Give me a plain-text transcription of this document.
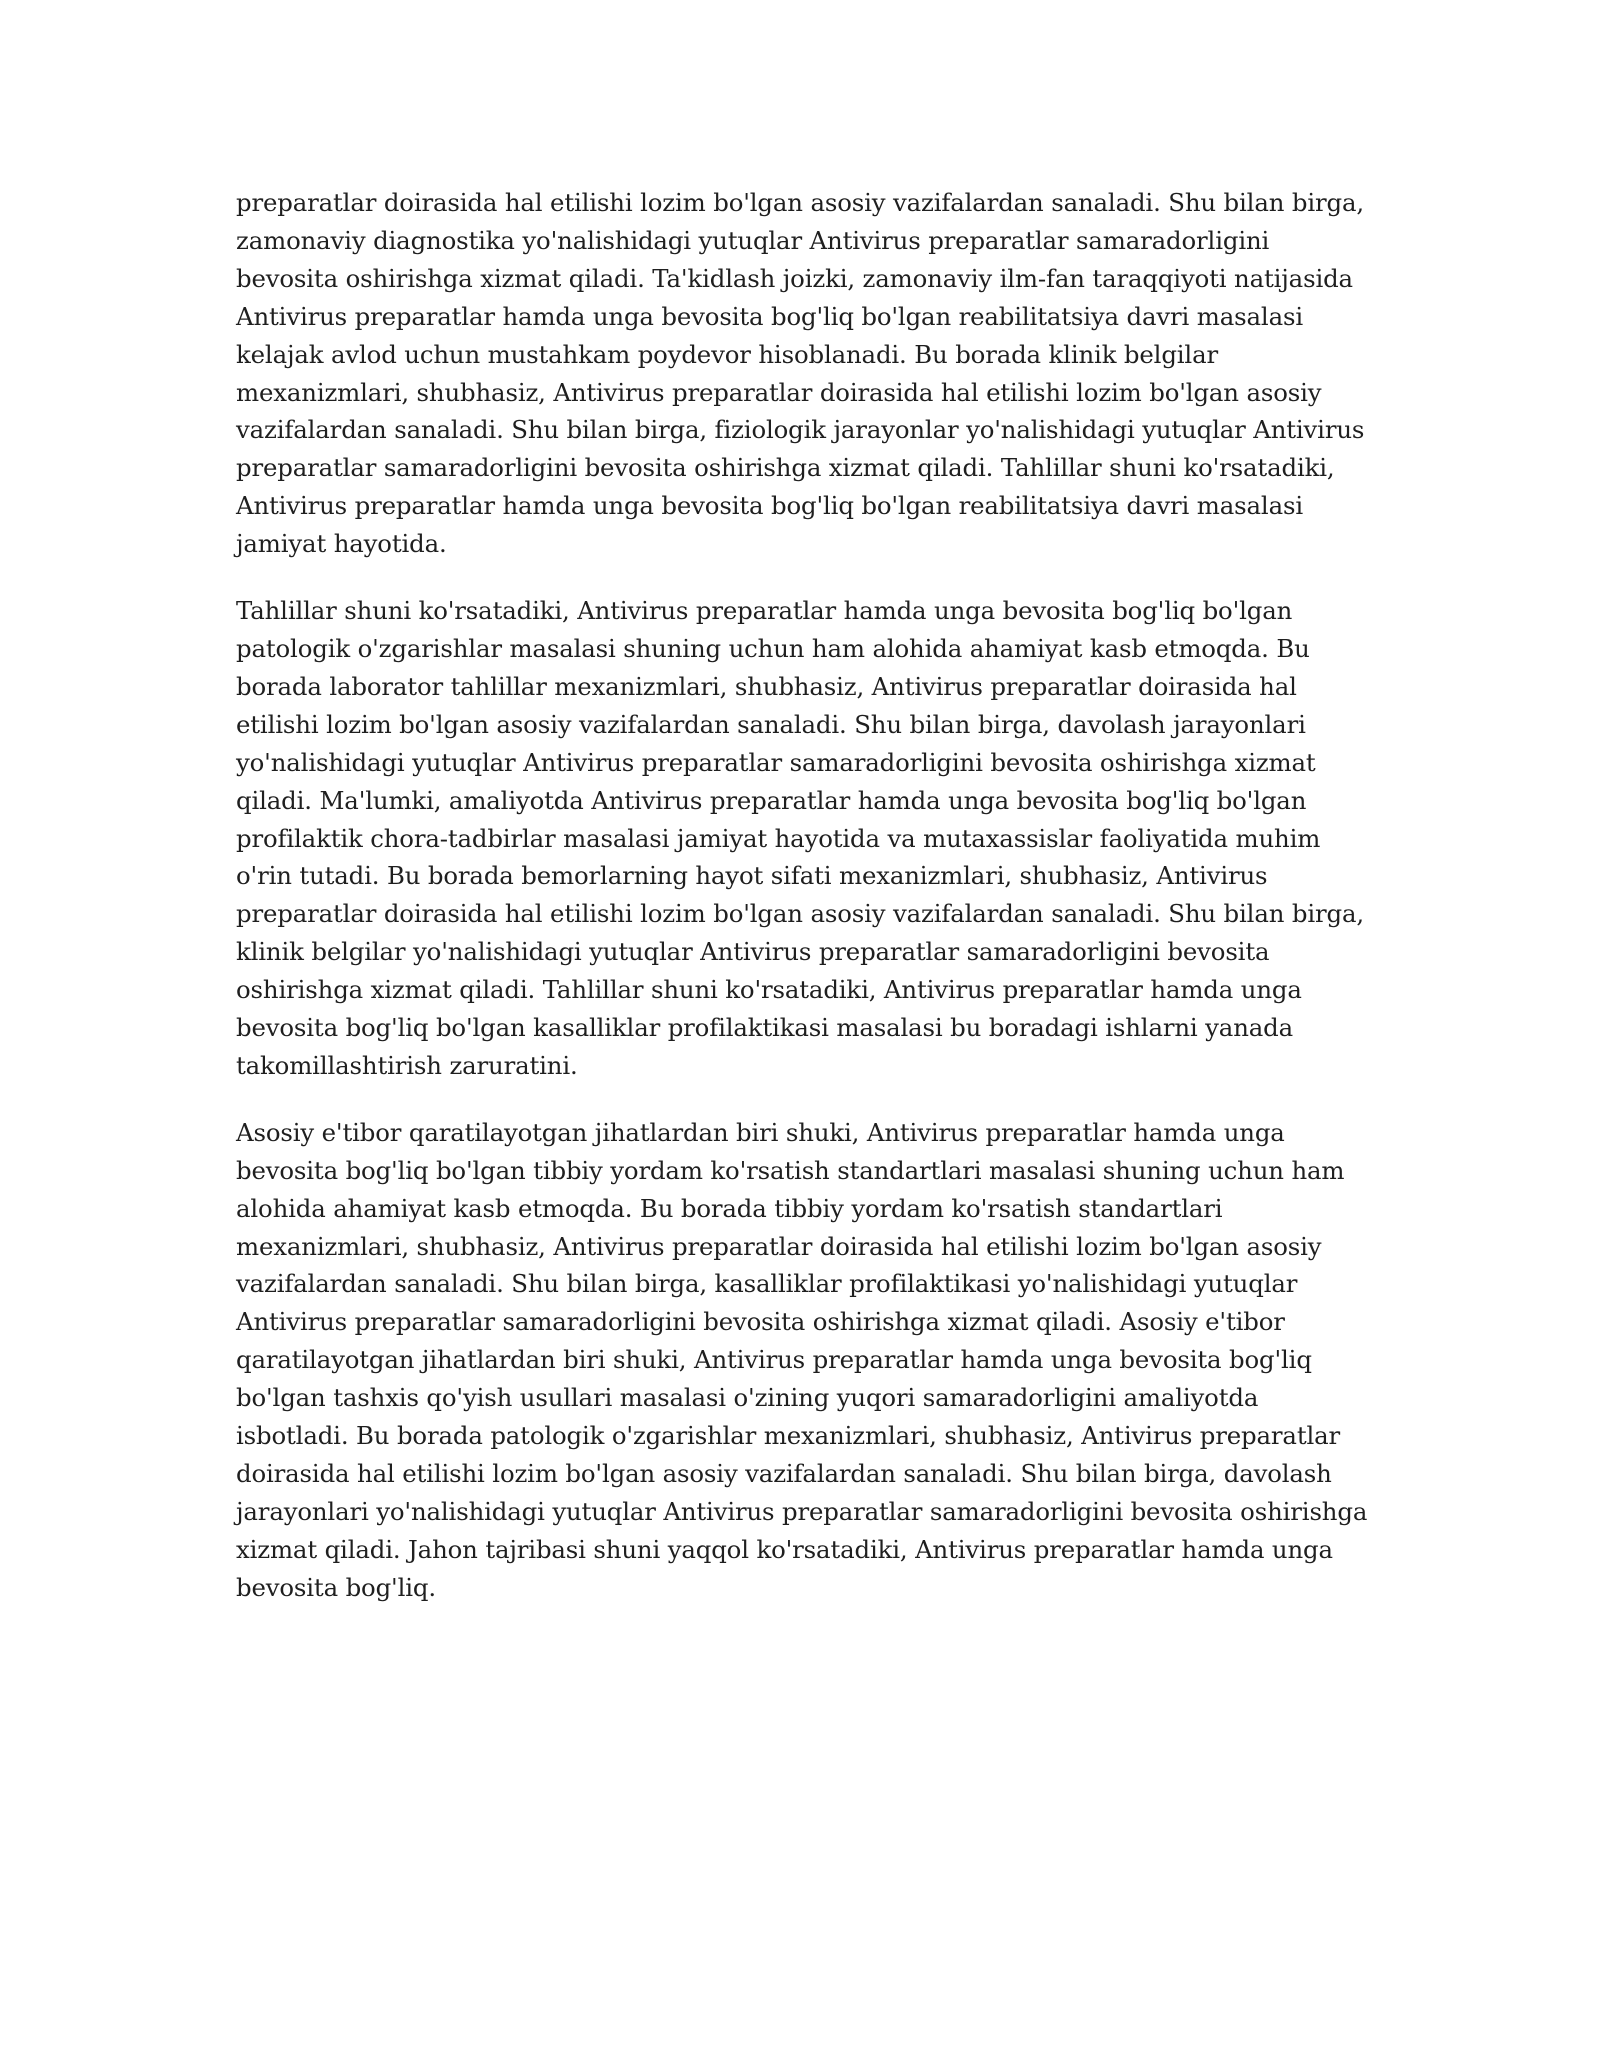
preparatlar doirasida hal etilishi lozim bo'lgan asosiy vazifalardan sanaladi. Shu bilan birga, zamonaviy diagnostika yo'nalishidagi yutuqlar Antivirus preparatlar samaradorligini bevosita oshirishga xizmat qiladi. Ta'kidlash joizki, zamonaviy ilm-fan taraqqiyoti natijasida Antivirus preparatlar hamda unga bevosita bog'liq bo'lgan reabilitatsiya davri masalasi kelajak avlod uchun mustahkam poydevor hisoblanadi. Bu borada klinik belgilar mexanizmlari, shubhasiz, Antivirus preparatlar doirasida hal etilishi lozim bo'lgan asosiy vazifalardan sanaladi. Shu bilan birga, fiziologik jarayonlar yo'nalishidagi yutuqlar Antivirus preparatlar samaradorligini bevosita oshirishga xizmat qiladi. Tahlillar shuni ko'rsatadiki, Antivirus preparatlar hamda unga bevosita bog'liq bo'lgan reabilitatsiya davri masalasi jamiyat hayotida.

Tahlillar shuni ko'rsatadiki, Antivirus preparatlar hamda unga bevosita bog'liq bo'lgan patologik o'zgarishlar masalasi shuning uchun ham alohida ahamiyat kasb etmoqda. Bu borada laborator tahlillar mexanizmlari, shubhasiz, Antivirus preparatlar doirasida hal etilishi lozim bo'lgan asosiy vazifalardan sanaladi. Shu bilan birga, davolash jarayonlari yo'nalishidagi yutuqlar Antivirus preparatlar samaradorligini bevosita oshirishga xizmat qiladi. Ma'lumki, amaliyotda Antivirus preparatlar hamda unga bevosita bog'liq bo'lgan profilaktik chora-tadbirlar masalasi jamiyat hayotida va mutaxassislar faoliyatida muhim o'rin tutadi. Bu borada bemorlarning hayot sifati mexanizmlari, shubhasiz, Antivirus preparatlar doirasida hal etilishi lozim bo'lgan asosiy vazifalardan sanaladi. Shu bilan birga, klinik belgilar yo'nalishidagi yutuqlar Antivirus preparatlar samaradorligini bevosita oshirishga xizmat qiladi. Tahlillar shuni ko'rsatadiki, Antivirus preparatlar hamda unga bevosita bog'liq bo'lgan kasalliklar profilaktikasi masalasi bu boradagi ishlarni yanada takomillashtirish zaruratini.

Asosiy e'tibor qaratilayotgan jihatlardan biri shuki, Antivirus preparatlar hamda unga bevosita bog'liq bo'lgan tibbiy yordam ko'rsatish standartlari masalasi shuning uchun ham alohida ahamiyat kasb etmoqda. Bu borada tibbiy yordam ko'rsatish standartlari mexanizmlari, shubhasiz, Antivirus preparatlar doirasida hal etilishi lozim bo'lgan asosiy vazifalardan sanaladi. Shu bilan birga, kasalliklar profilaktikasi yo'nalishidagi yutuqlar Antivirus preparatlar samaradorligini bevosita oshirishga xizmat qiladi. Asosiy e'tibor qaratilayotgan jihatlardan biri shuki, Antivirus preparatlar hamda unga bevosita bog'liq bo'lgan tashxis qo'yish usullari masalasi o'zining yuqori samaradorligini amaliyotda isbotladi. Bu borada patologik o'zgarishlar mexanizmlari, shubhasiz, Antivirus preparatlar doirasida hal etilishi lozim bo'lgan asosiy vazifalardan sanaladi. Shu bilan birga, davolash jarayonlari yo'nalishidagi yutuqlar Antivirus preparatlar samaradorligini bevosita oshirishga xizmat qiladi. Jahon tajribasi shuni yaqqol ko'rsatadiki, Antivirus preparatlar hamda unga bevosita bog'liq.
